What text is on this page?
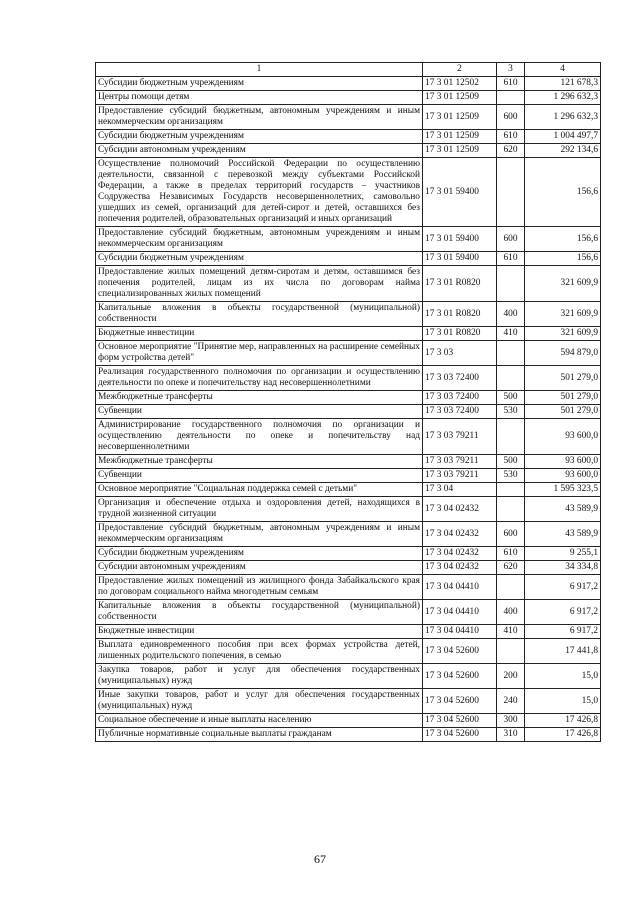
1	2	3	4
Субсидии бюджетным учреждениям	17 3 01 12502	610	121 678,3
Центры помощи детям	17 3 01 12509		1 296 632,3
Предоставление субсидий бюджетным, автономным учреждениям и иным некоммерческим организациям	17 3 01 12509	600	1 296 632,3
Субсидии бюджетным учреждениям	17 3 01 12509	610	1 004 497,7
Субсидии автономным учреждениям	17 3 01 12509	620	292 134,6
Осуществление полномочий Российской Федерации по осуществлению деятельности, связанной с перевозкой между субъектами Российской Федерации, а также в пределах территорий государств – участников Содружества Независимых Государств несовершеннолетних, самовольно ушедших из семей, организаций для детей-сирот и детей, оставшихся без попечения родителей, образовательных организаций и иных организаций	17 3 01 59400		156,6
Предоставление субсидий бюджетным, автономным учреждениям и иным некоммерческим организациям	17 3 01 59400	600	156,6
Субсидии бюджетным учреждениям	17 3 01 59400	610	156,6
Предоставление жилых помещений детям-сиротам и детям, оставшимся без попечения родителей, лицам из их числа по договорам найма специализированных жилых помещений	17 3 01 R0820		321 609,9
Капитальные вложения в объекты государственной (муниципальной) собственности	17 3 01 R0820	400	321 609,9
Бюджетные инвестиции	17 3 01 R0820	410	321 609,9
Основное мероприятие "Принятие мер, направленных на расширение семейных форм устройства детей"	17 3 03		594 879,0
Реализация государственного полномочия по организации и осуществлению деятельности по опеке и попечительству над несовершеннолетними	17 3 03 72400		501 279,0
Межбюджетные трансферты	17 3 03 72400	500	501 279,0
Субвенции	17 3 03 72400	530	501 279,0
Администрирование государственного полномочия по организации и осуществлению деятельности по опеке и попечительству над несовершеннолетними	17 3 03 79211		93 600,0
Межбюджетные трансферты	17 3 03 79211	500	93 600,0
Субвенции	17 3 03 79211	530	93 600,0
Основное мероприятие "Социальная поддержка семей с детьми"	17 3 04		1 595 323,5
Организация и обеспечение отдыха и оздоровления детей, находящихся в трудной жизненной ситуации	17 3 04 02432		43 589,9
Предоставление субсидий бюджетным, автономным учреждениям и иным некоммерческим организациям	17 3 04 02432	600	43 589,9
Субсидии бюджетным учреждениям	17 3 04 02432	610	9 255,1
Субсидии автономным учреждениям	17 3 04 02432	620	34 334,8
Предоставление жилых помещений из жилищного фонда Забайкальского края по договорам социального найма многодетным семьям	17 3 04 04410		6 917,2
Капитальные вложения в объекты государственной (муниципальной) собственности	17 3 04 04410	400	6 917,2
Бюджетные инвестиции	17 3 04 04410	410	6 917,2
Выплата единовременного пособия при всех формах устройства детей, лишенных родительского попечения, в семью	17 3 04 52600		17 441,8
Закупка товаров, работ и услуг для обеспечения государственных (муниципальных) нужд	17 3 04 52600	200	15,0
Иные закупки товаров, работ и услуг для обеспечения государственных (муниципальных) нужд	17 3 04 52600	240	15,0
Социальное обеспечение и иные выплаты населению	17 3 04 52600	300	17 426,8
Публичные нормативные социальные выплаты гражданам	17 3 04 52600	310	17 426,8
67
